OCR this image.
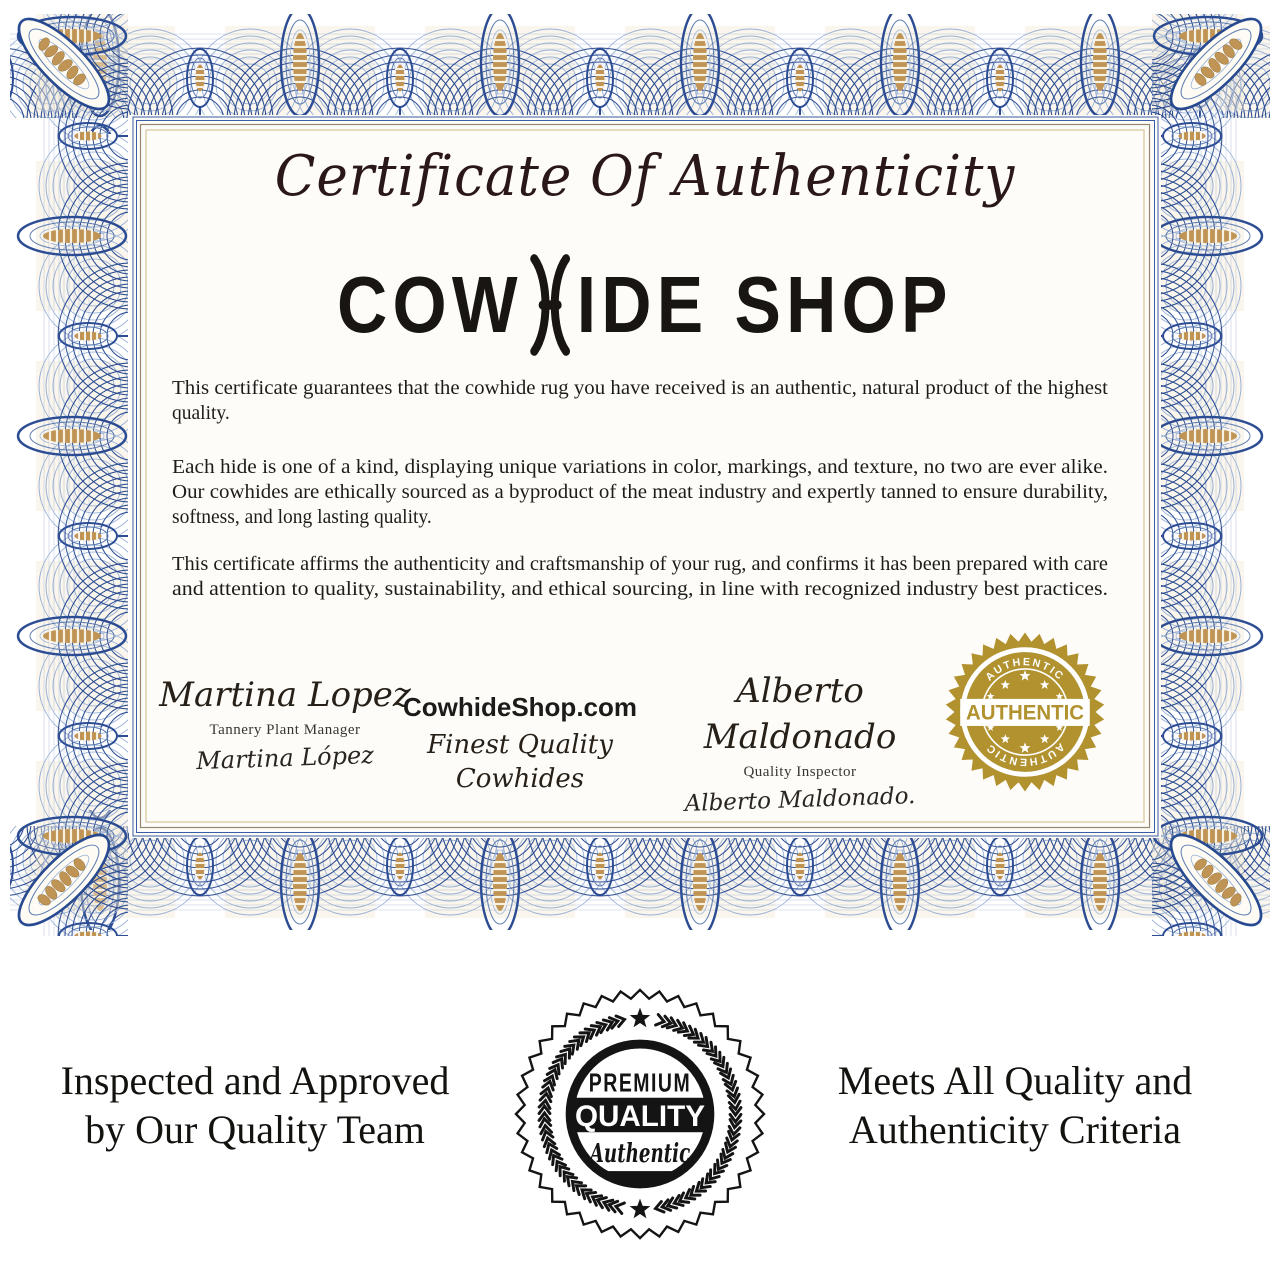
Certificate Of Authenticity
COW IDE SHOP
This certificate guarantees that the cowhide rug you have received is an authentic, natural product of the highest
quality.
Each hide is one of a kind, displaying unique variations in color, markings, and texture, no two are ever alike.
Our cowhides are ethically sourced as a byproduct of the meat industry and expertly tanned to ensure durability,
softness, and long lasting quality.
This certificate affirms the authenticity and craftsmanship of your rug, and confirms it has been prepared with care
and attention to quality, sustainability, and ethical sourcing, in line with recognized industry best practices.
Martina Lopez
Tannery Plant Manager
Martina López
CowhideShop.com
Finest Quality Cowhides
Alberto Maldonado
Quality Inspector
Alberto Maldonado.
AUTHENTIC
AUTHENTIC
AUTHENTIC
Inspected and Approved
by Our Quality Team
Meets All Quality and
Authenticity Criteria
PREMIUM
QUALITY
Authentic
